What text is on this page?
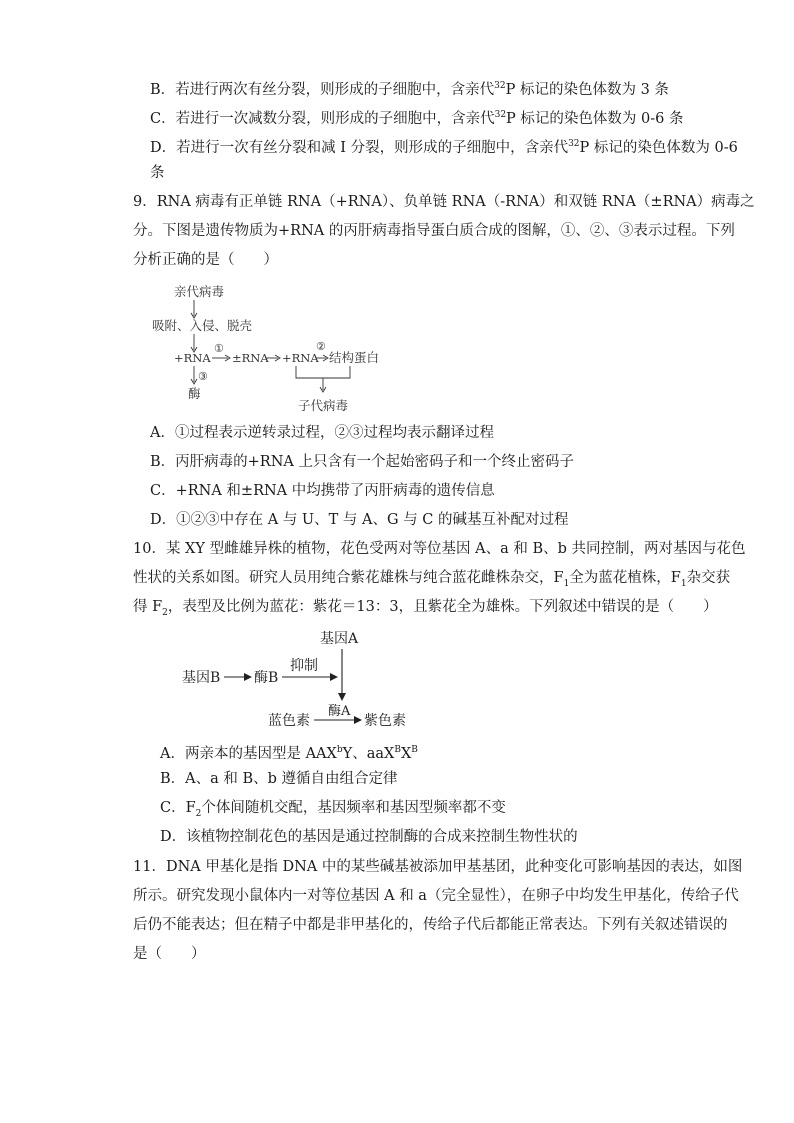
B．若进行两次有丝分裂，则形成的子细胞中，含亲代$^{32}$P 标记的染色体数为 3 条
C．若进行一次减数分裂，则形成的子细胞中，含亲代$^{32}$P 标记的染色体数为 0-6 条
D．若进行一次有丝分裂和减 I 分裂，则形成的子细胞中，含亲代$^{32}$P 标记的染色体数为 0-6
条
9．RNA 病毒有正单链 RNA（+RNA）、负单链 RNA（-RNA）和双链 RNA（±RNA）病毒之
分。下图是遗传物质为+RNA 的丙肝病毒指导蛋白质合成的图解，①、②、③表示过程。下列
分析正确的是（　　）
亲代病毒
吸附、入侵、脱壳
+RNA
①
±RNA +RNA
②
结构蛋白
③
酶
子代病毒
A．①过程表示逆转录过程，②③过程均表示翻译过程
B．丙肝病毒的+RNA 上只含有一个起始密码子和一个终止密码子
C．+RNA 和±RNA 中均携带了丙肝病毒的遗传信息
D．①②③中存在 A 与 U、T 与 A、G 与 C 的碱基互补配对过程
10．某 XY 型雌雄异株的植物，花色受两对等位基因 A、a 和 B、b 共同控制，两对基因与花色
性状的关系如图。研究人员用纯合紫花雄株与纯合蓝花雌株杂交，$F_1$全为蓝花植株，$F_1$杂交获
得 $F_2$，表型及比例为蓝花：紫花＝13：3，且紫花全为雄株。下列叙述中错误的是（　　）
基因A
基因B 酶B
抑制
酶A
蓝色素	紫色素
A．两亲本的基因型是 AAX$^b$Y、$aaX^BX^B$
B．A、a 和 B、b 遵循自由组合定律
C．$F_2$个体间随机交配，基因频率和基因型频率都不变
D．该植物控制花色的基因是通过控制酶的合成来控制生物性状的
11．DNA 甲基化是指 DNA 中的某些碱基被添加甲基基团，此种变化可影响基因的表达，如图
所示。研究发现小鼠体内一对等位基因 A 和 a（完全显性），在卵子中均发生甲基化，传给子代
后仍不能表达；但在精子中都是非甲基化的，传给子代后都能正常表达。下列有关叙述错误的
是（　　）
